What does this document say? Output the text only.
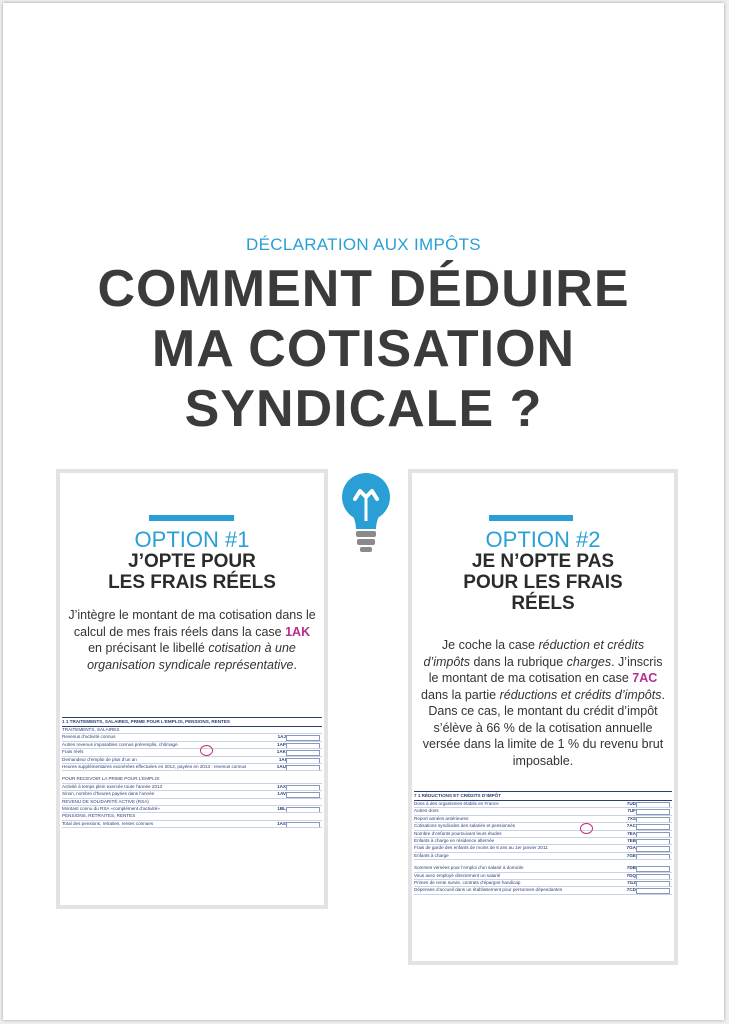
DÉCLARATION AUX IMPÔTS
COMMENT DÉDUIRE
MA COTISATION
SYNDICALE ?
OPTION #1
J’OPTE POUR
LES FRAIS RÉELS
J’intègre le montant de ma cotisation dans le calcul de mes frais réels dans la case 1AK en précisant le libellé cotisation à une organisation syndicale représentative.
1 1 TRAITEMENTS, SALAIRES, PRIME POUR L’EMPLOI, PENSIONS, RENTES
TRAITEMENTS, SALAIRES
Revenus d’activité connus	1AJ
Autres revenus imposables connus préremplis, chômage	1AP
Frais réels	1AK
Demandeur d’emploi de plus d’un an	1AI
Heures supplémentaires exonérées effectuées en 2012, payées en 2013 : revenus connus	1AU
POUR RECEVOIR LA PRIME POUR L’EMPLOI
Activité à temps plein exercée toute l’année 2013	1AX
Sinon, nombre d’heures payées dans l’année	1AV
REVENU DE SOLIDARITÉ ACTIVE (RSA)
Montant connu du RSA «complément d’activité»	1BL
PENSIONS, RETRAITES, RENTES
Total des pensions, retraites, rentes connues	1AS
OPTION #2
JE N’OPTE PAS
POUR LES FRAIS
RÉELS
Je coche la case réduction et crédits d’impôts dans la rubrique charges. J’inscris le montant de ma cotisation en case 7AC dans la partie réductions et crédits d’impôts. Dans ce cas, le montant du crédit d’impôt s’élève à 66 % de la cotisation annuelle versée dans la limite de 1 % du revenu brut imposable.
7 1 RÉDUCTIONS ET CRÉDITS D’IMPÔT
Dons à des organismes établis en France	7UD
Autres dons	7UF
Report années antérieures	7XS
Cotisations syndicales des salariés et pensionnés	7AC
Nombre d’enfants poursuivant leurs études	7EA
Enfants à charge en résidence alternée	7EB
Frais de garde des enfants de moins de 6 ans au 1er janvier 2011	7GA
Enfants à charge	7GE
Sommes versées pour l’emploi d’un salarié à domicile	7DB
Vous avez employé directement un salarié	7DQ
Primes de rente survie, contrats d’épargne handicap	7GZ
Dépenses d’accueil dans un établissement pour personnes dépendantes	7CD
